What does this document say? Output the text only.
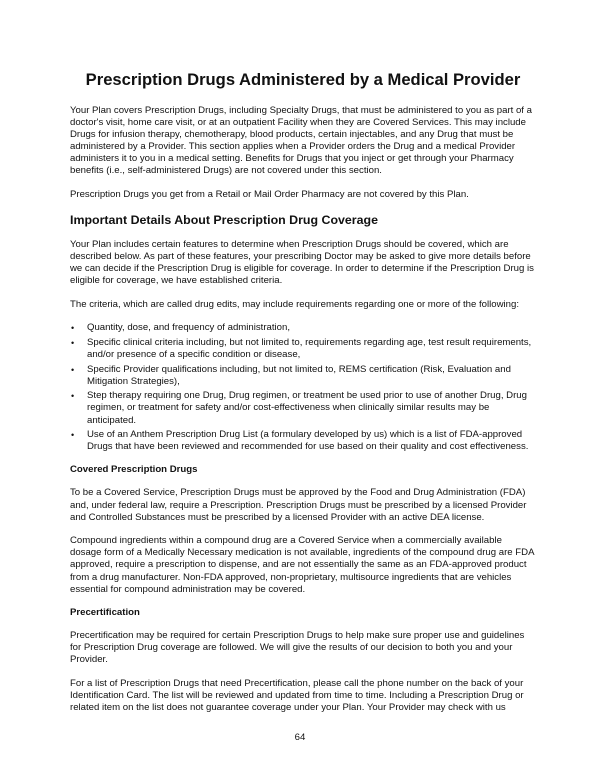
Prescription Drugs Administered by a Medical Provider

Your Plan covers Prescription Drugs, including Specialty Drugs, that must be administered to you as part of a doctor's visit, home care visit, or at an outpatient Facility when they are Covered Services. This may include Drugs for infusion therapy, chemotherapy, blood products, certain injectables, and any Drug that must be administered by a Provider. This section applies when a Provider orders the Drug and a medical Provider administers it to you in a medical setting. Benefits for Drugs that you inject or get through your Pharmacy benefits (i.e., self-administered Drugs) are not covered under this section.

Prescription Drugs you get from a Retail or Mail Order Pharmacy are not covered by this Plan.

Important Details About Prescription Drug Coverage

Your Plan includes certain features to determine when Prescription Drugs should be covered, which are described below. As part of these features, your prescribing Doctor may be asked to give more details before we can decide if the Prescription Drug is eligible for coverage. In order to determine if the Prescription Drug is eligible for coverage, we have established criteria.

The criteria, which are called drug edits, may include requirements regarding one or more of the following:

• Quantity, dose, and frequency of administration,
• Specific clinical criteria including, but not limited to, requirements regarding age, test result requirements, and/or presence of a specific condition or disease,
• Specific Provider qualifications including, but not limited to, REMS certification (Risk, Evaluation and Mitigation Strategies),
• Step therapy requiring one Drug, Drug regimen, or treatment be used prior to use of another Drug, Drug regimen, or treatment for safety and/or cost-effectiveness when clinically similar results may be anticipated.
• Use of an Anthem Prescription Drug List (a formulary developed by us) which is a list of FDA-approved Drugs that have been reviewed and recommended for use based on their quality and cost effectiveness.
Covered Prescription Drugs

To be a Covered Service, Prescription Drugs must be approved by the Food and Drug Administration (FDA) and, under federal law, require a Prescription. Prescription Drugs must be prescribed by a licensed Provider and Controlled Substances must be prescribed by a licensed Provider with an active DEA license.

Compound ingredients within a compound drug are a Covered Service when a commercially available dosage form of a Medically Necessary medication is not available, ingredients of the compound drug are FDA approved, require a prescription to dispense, and are not essentially the same as an FDA-approved product from a drug manufacturer. Non-FDA approved, non-proprietary, multisource ingredients that are vehicles essential for compound administration may be covered.

Precertification

Precertification may be required for certain Prescription Drugs to help make sure proper use and guidelines for Prescription Drug coverage are followed. We will give the results of our decision to both you and your Provider.

For a list of Prescription Drugs that need Precertification, please call the phone number on the back of your Identification Card. The list will be reviewed and updated from time to time. Including a Prescription Drug or related item on the list does not guarantee coverage under your Plan. Your Provider may check with us

64
